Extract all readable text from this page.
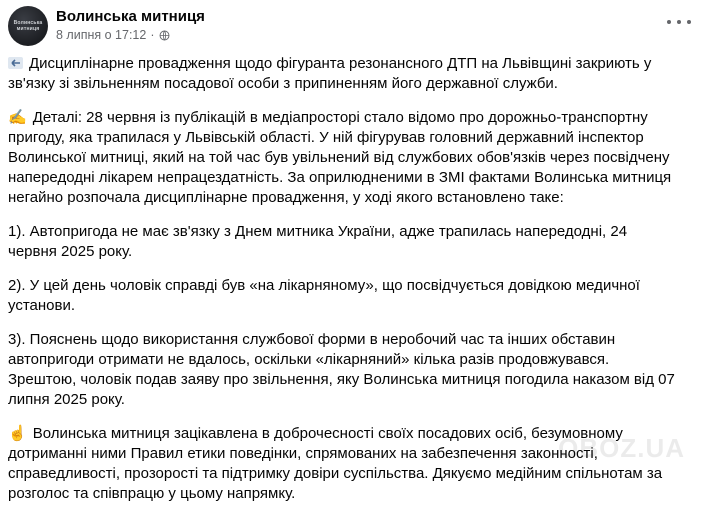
Волинська митниця
Волинська митниця
8 липня о 17:12 ·

Дисциплінарне провадження щодо фігуранта резонансного ДТП на Львівщині закриють у зв'язку зі звільненням посадової особи з припиненням його державної служби.

✍ Деталі: 28 червня із публікацій в медіапросторі стало відомо про дорожньо-транспортну пригоду, яка трапилася у Львівській області. У ній фігурував головний державний інспектор Волинської митниці, який на той час був увільнений від службових обов'язків через посвідчену напередодні лікарем непрацездатність. За оприлюдненими в ЗМІ фактами Волинська митниця негайно розпочала дисциплінарне провадження, у ході якого встановлено таке:

1). Автопригода не має зв'язку з Днем митника України, адже трапилась напередодні, 24 червня 2025 року.

2). У цей день чоловік справді був «на лікарняному», що посвідчується довідкою медичної установи.

3). Пояснень щодо використання службової форми в неробочий час та інших обставин автопригоди отримати не вдалось, оскільки «лікарняний» кілька разів продовжувався. Зрештою, чоловік подав заяву про звільнення, яку Волинська митниця погодила наказом від 07 липня 2025 року.

☝ Волинська митниця зацікавлена в доброчесності своїх посадових осіб, безумовному дотриманні ними Правил етики поведінки, спрямованих на забезпечення законності, справедливості, прозорості та підтримку довіри суспільства. Дякуємо медійним спільнотам за розголос та співпрацю у цьому напрямку.

OBOZ.UA
